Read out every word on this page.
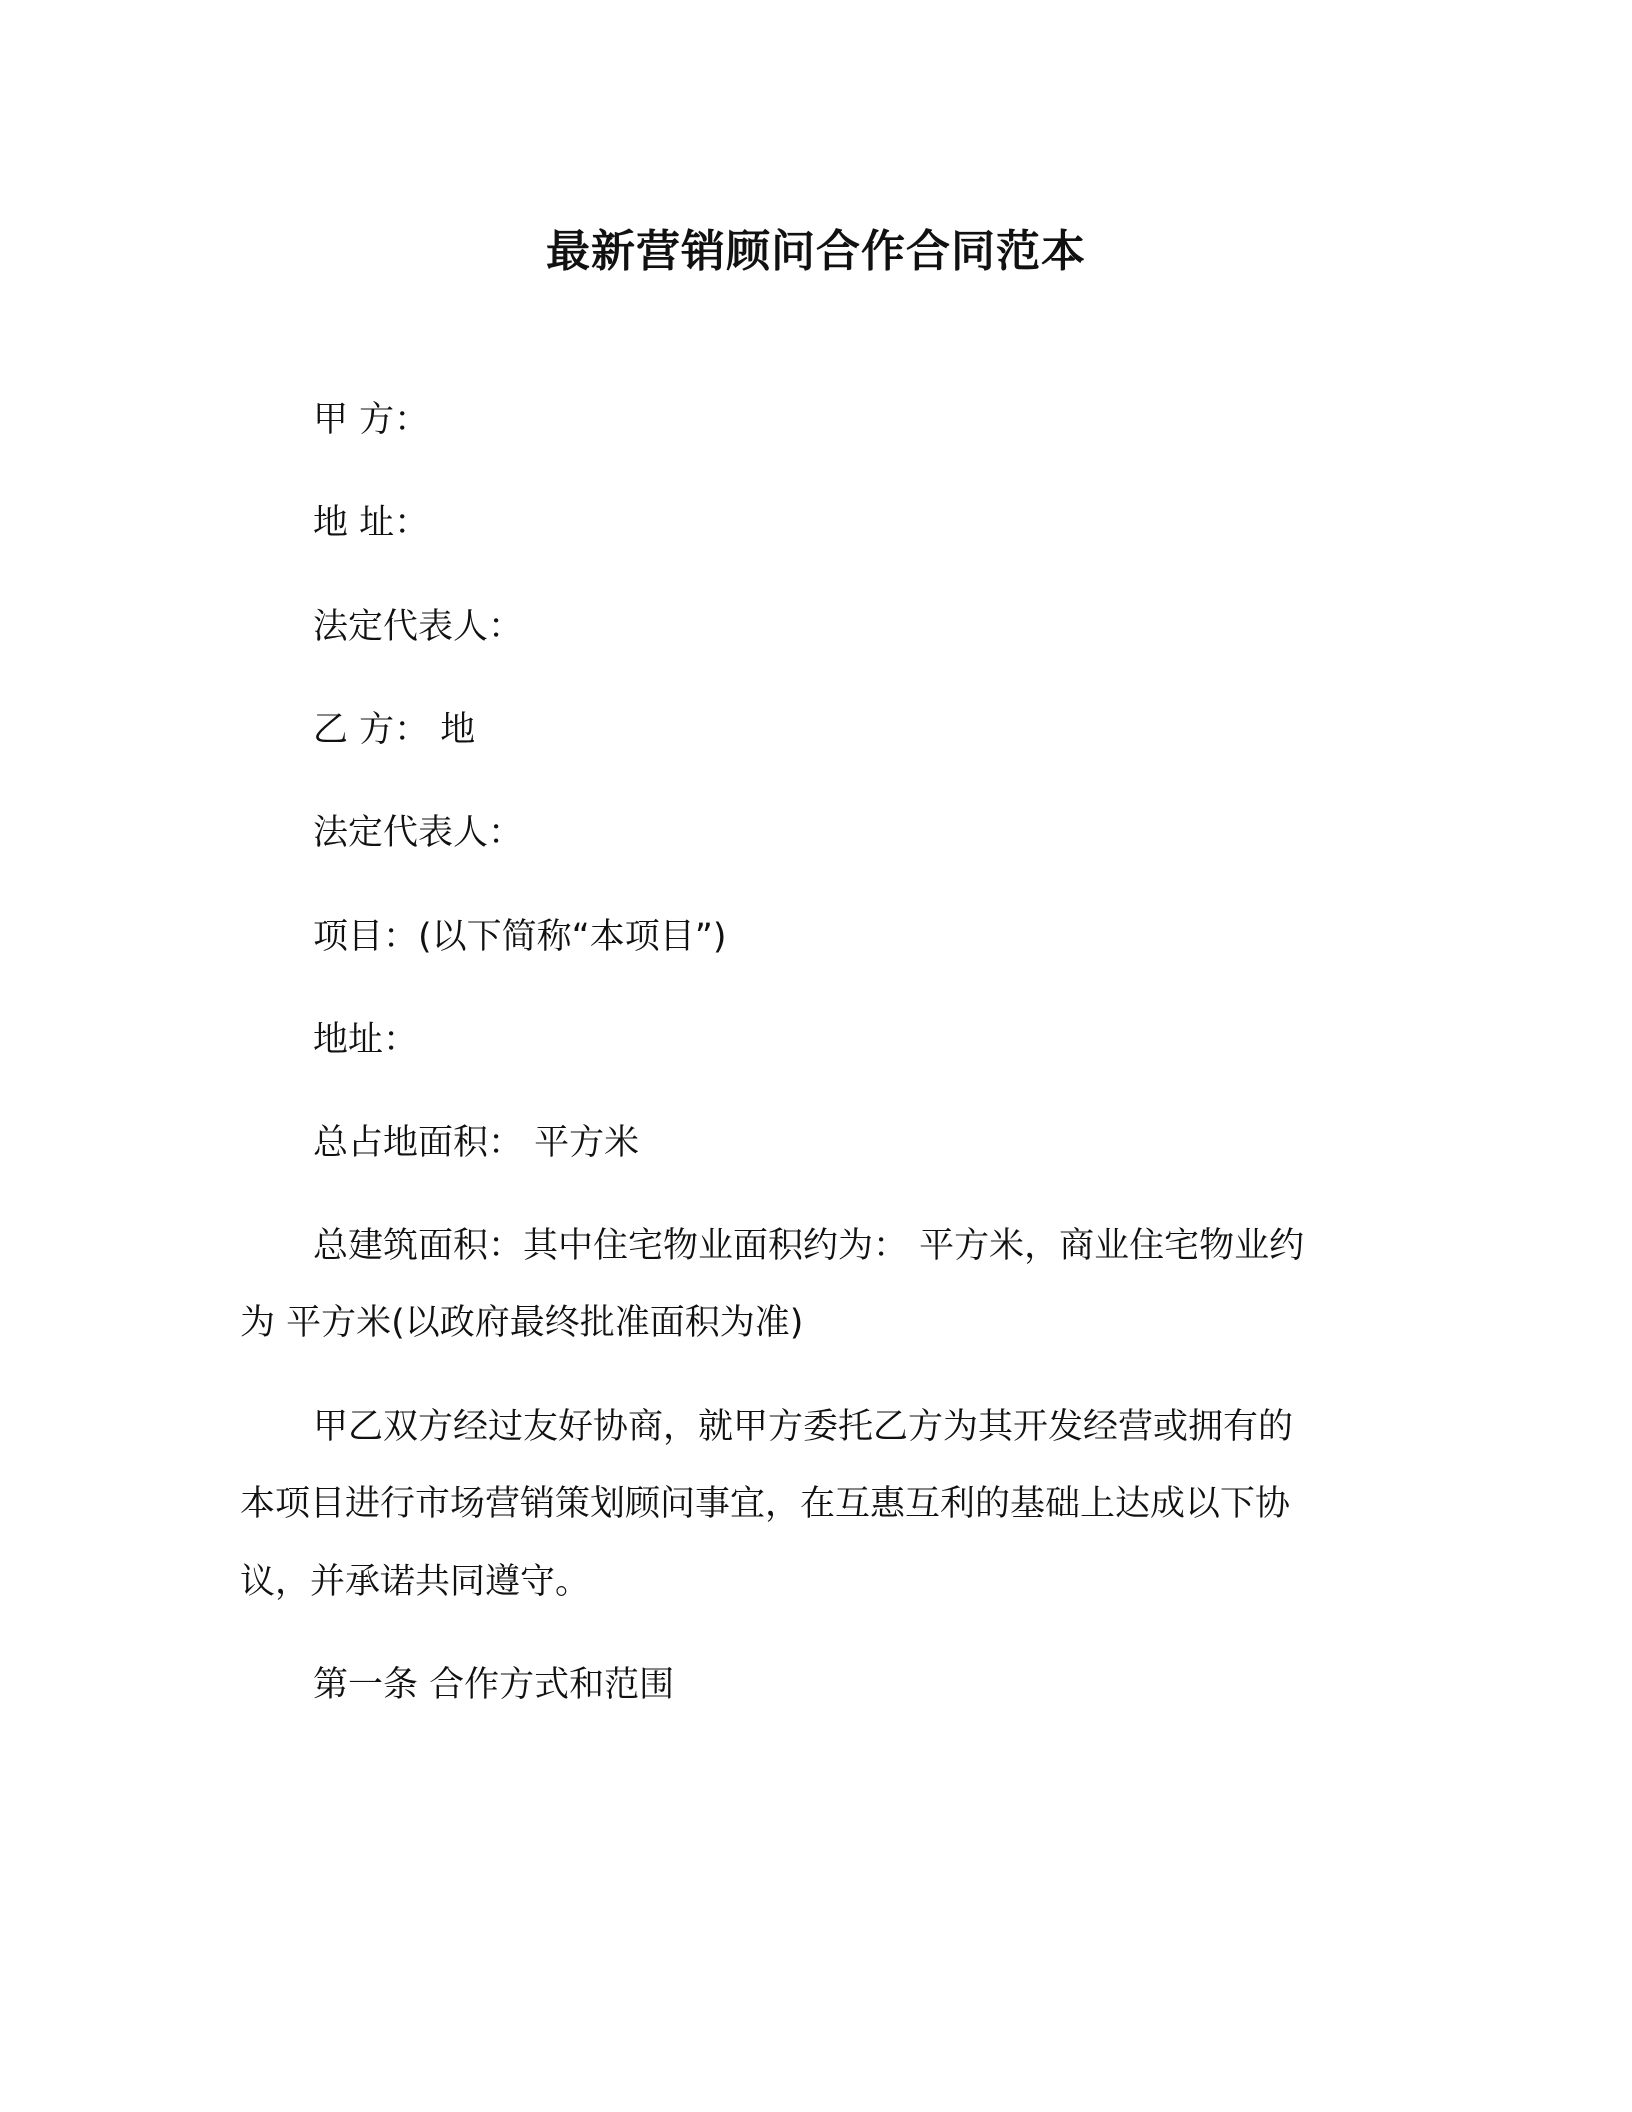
最新营销顾问合作合同范本
甲 方：
地 址：
法定代表人：
乙 方： 地
法定代表人：
项目：(以下简称“本项目”)
地址：
总占地面积： 平方米
总建筑面积：其中住宅物业面积约为： 平方米，商业住宅物业约
为 平方米(以政府最终批准面积为准)
甲乙双方经过友好协商，就甲方委托乙方为其开发经营或拥有的
本项目进行市场营销策划顾问事宜，在互惠互利的基础上达成以下协
议，并承诺共同遵守。
第一条 合作方式和范围
